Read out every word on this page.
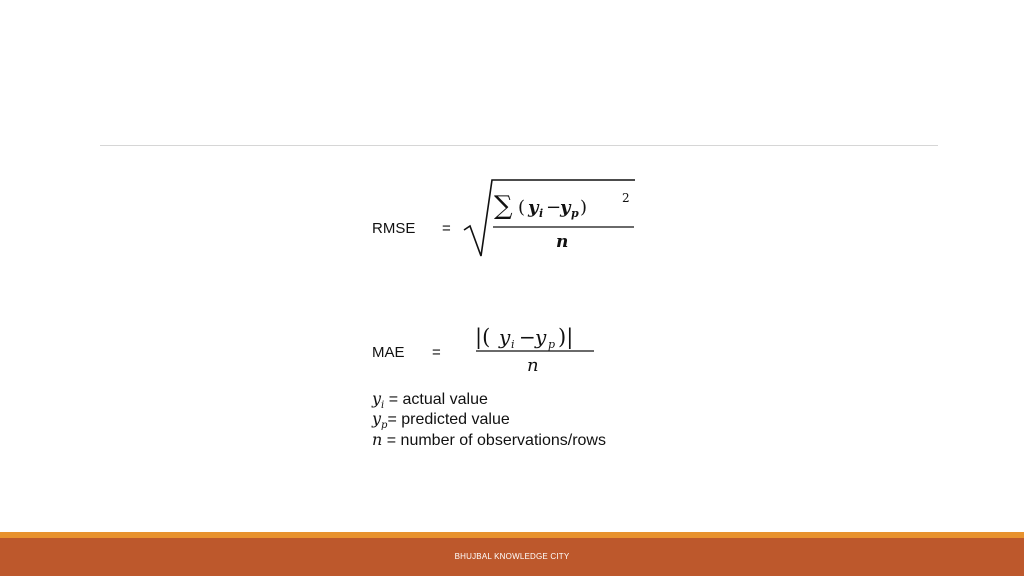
RMSE =
∑ ( y i −
y p )	2
n
MAE =
|( y i − y p )|
n
$y_i$ = actual value
$y_p=$ predicted value
n = number of observations/rows
BHUJBAL KNOWLEDGE CITY
